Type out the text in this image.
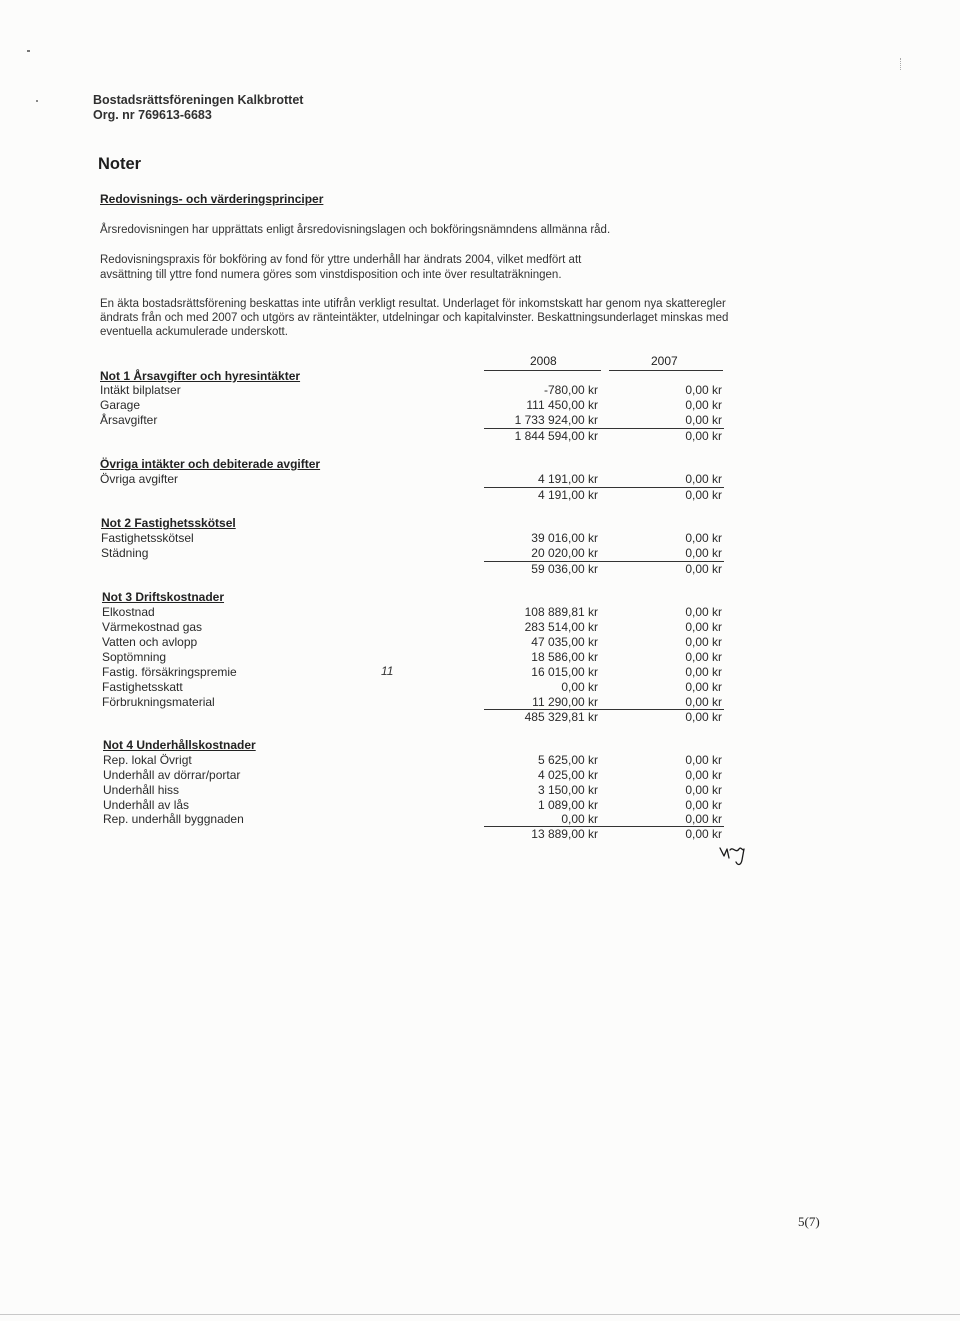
Bostadsrättsföreningen Kalkbrottet
Org. nr 769613-6683
Noter
Redovisnings- och värderingsprinciper
Årsredovisningen har upprättats enligt årsredovisningslagen och bokföringsnämndens allmänna råd.
Redovisningspraxis för bokföring av fond för yttre underhåll har ändrats 2004, vilket medfört att
avsättning till yttre fond numera göres som vinstdisposition och inte över resultaträkningen.
En äkta bostadsrättsförening beskattas inte utifrån verkligt resultat. Underlaget för inkomstskatt har genom nya skatteregler
ändrats från och med 2007 och utgörs av ränteintäkter, utdelningar och kapitalvinster. Beskattningsunderlaget minskas med
eventuella ackumulerade underskott.
2008	2007
Not 1 Årsavgifter och hyresintäkter
Intäkt bilplatser	-780,00 kr	0,00 kr
Garage	111 450,00 kr	0,00 kr
Årsavgifter	1 733 924,00 kr	0,00 kr
1 844 594,00 kr	0,00 kr
Övriga intäkter och debiterade avgifter
Övriga avgifter	4 191,00 kr	0,00 kr
4 191,00 kr	0,00 kr
Not 2 Fastighetsskötsel
Fastighetsskötsel	39 016,00 kr	0,00 kr
Städning	20 020,00 kr	0,00 kr
59 036,00 kr	0,00 kr
Not 3 Driftskostnader
Elkostnad	108 889,81 kr	0,00 kr
Värmekostnad gas	283 514,00 kr	0,00 kr
Vatten och avlopp	47 035,00 kr	0,00 kr
Soptömning	18 586,00 kr	0,00 kr
Fastig. försäkringspremie	11	16 015,00 kr	0,00 kr
Fastighetsskatt	0,00 kr	0,00 kr
Förbrukningsmaterial	11 290,00 kr	0,00 kr
485 329,81 kr	0,00 kr
Not 4 Underhållskostnader
Rep. lokal Övrigt	5 625,00 kr	0,00 kr
Underhåll av dörrar/portar	4 025,00 kr	0,00 kr
Underhåll hiss	3 150,00 kr	0,00 kr
Underhåll av lås	1 089,00 kr	0,00 kr
Rep. underhåll byggnaden	0,00 kr	0,00 kr
13 889,00 kr	0,00 kr
5(7)
